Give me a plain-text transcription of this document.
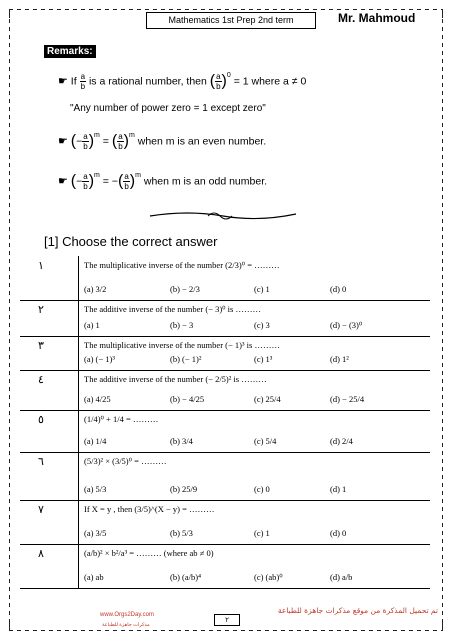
Mathematics 1st Prep 2nd term	Mr. Mahmoud
Remarks:
☛ If $\frac{a}{b}$ is a rational number, then ( $\frac{a}{b} )^0 = 1$ where a ≠ 0
"Any number of power zero = 1 except zero"
☛ (− $\frac{a}{b} )^m$ = ( $\frac{a}{b} )^m$ when m is an even number.
☛ (− $\frac{a}{b} )^m$ = −( $\frac{a}{b} )^m$ when m is an odd number.
[1] Choose the correct answer
١	The multiplicative inverse of the number (2/3)⁰ = ………
(a) 3/2	(b) − 2/3	(c) 1	(d) 0
٢	The additive inverse of the number (− 3)⁰ is ………
(a) 1	(b) − 3	(c) 3	(d) − (3)⁰
٣	The multiplicative inverse of the number (− 1)³ is ………
(a) (− 1)³	(b) (− 1)²	(c) 1³	(d) 1²
٤	The additive inverse of the number (− 2/5)² is ………
(a) 4/25	(b) − 4/25	(c) 25/4	(d) − 25/4
٥	(1/4)⁰ + 1/4 = ………
(a) 1/4	(b) 3/4	(c) 5/4	(d) 2/4
٦	(5/3)² × (3/5)⁰ = ………
(a) 5/3	(b) 25/9	(c) 0	(d) 1
٧	If X = y , then (3/5)^(X − y) = ………
(a) 3/5	(b) 5/3	(c) 1	(d) 0
٨	(a/b)² × b²/a³ = ……… (where ab ≠ 0)
(a) ab	(b) (a/b)⁴	(c) (ab)⁰	(d) a/b
تم تحميل المذكرة من موقع مذكرات جاهزة للطباعة
٢
www.Orgs2Day.com
مذكرات جاهزة للطباعة
